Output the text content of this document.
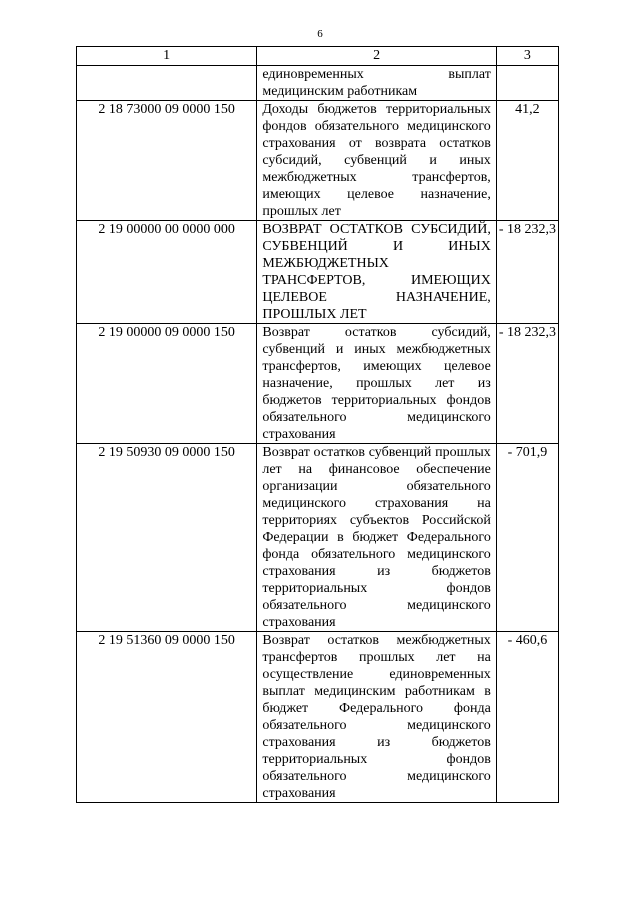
6
1	2	3
	единовременных выплат медицинским работникам	
2 18 73000 09 0000 150	Доходы бюджетов территориальных фондов обязательного медицинского страхования от возврата остатков субсидий, субвенций и иных межбюджетных трансфертов, имеющих целевое назначение, прошлых лет	41,2
2 19 00000 00 0000 000	ВОЗВРАТ ОСТАТКОВ СУБСИДИЙ, СУБВЕНЦИЙ И ИНЫХ МЕЖБЮДЖЕТНЫХ ТРАНСФЕРТОВ, ИМЕЮЩИХ ЦЕЛЕВОЕ НАЗНАЧЕНИЕ, ПРОШЛЫХ ЛЕТ	- 18 232,3
2 19 00000 09 0000 150	Возврат остатков субсидий, субвенций и иных межбюджетных трансфертов, имеющих целевое назначение, прошлых лет из бюджетов территориальных фондов обязательного медицинского страхования	- 18 232,3
2 19 50930 09 0000 150	Возврат остатков субвенций прошлых лет на финансовое обеспечение организации обязательного медицинского страхования на территориях субъектов Российской Федерации в бюджет Федерального фонда обязательного медицинского страхования из бюджетов территориальных фондов обязательного медицинского страхования	- 701,9
2 19 51360 09 0000 150	Возврат остатков межбюджетных трансфертов прошлых лет на осуществление единовременных выплат медицинским работникам в бюджет Федерального фонда обязательного медицинского страхования из бюджетов территориальных фондов обязательного медицинского страхования	- 460,6
